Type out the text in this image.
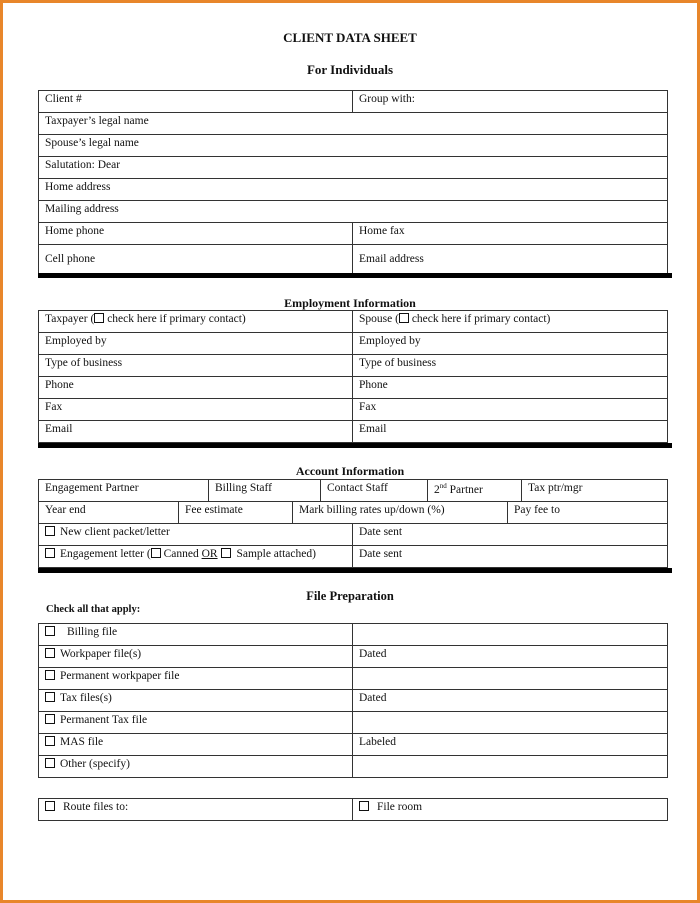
CLIENT DATA SHEET
For Individuals
Client #	Group with:
Taxpayer’s legal name	
Spouse’s legal name	
Salutation: Dear	
Home address	
Mailing address	
Home phone	Home fax
Cell phone	Email address
Employment Information
Taxpayer ( check here if primary contact)	Spouse ( check here if primary contact)
Employed by	Employed by
Type of business	Type of business
Phone	Phone
Fax	Fax
Email	Email
Account Information
Engagement Partner	Billing Staff	Contact Staff	2nd Partner	Tax ptr/mgr
Year end	Fee estimate	Mark billing rates up/down (%)	Pay fee to
New client packet/letter	Date sent
Engagement letter ( Canned OR Sample attached)	Date sent
File Preparation
Check all that apply:
Billing file	
Workpaper file(s)	Dated
Permanent workpaper file	
Tax files(s)	Dated
Permanent Tax file	
MAS file	Labeled
Other (specify)	
Route files to:	File room
